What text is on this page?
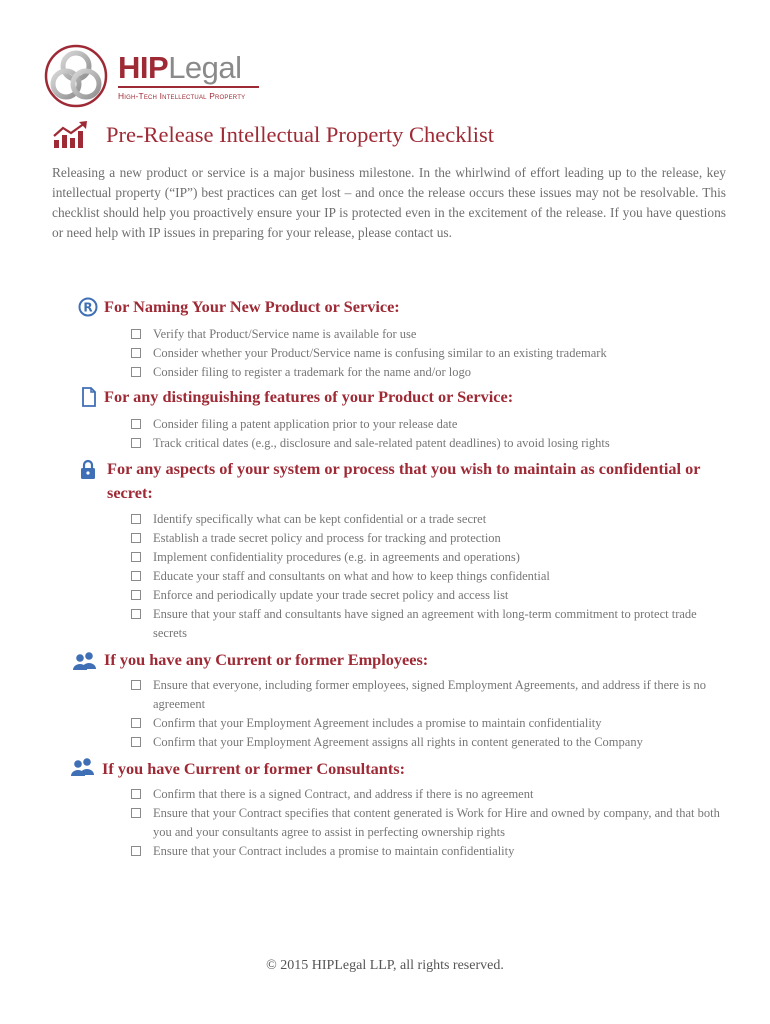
HIPLegal
High-Tech Intellectual Property
Pre-Release Intellectual Property Checklist

Releasing a new product or service is a major business milestone. In the whirlwind of effort leading up to the release, key intellectual property (“IP”) best practices can get lost – and once the release occurs these issues may not be resolvable. This checklist should help you proactively ensure your IP is protected even in the excitement of the release. If you have questions or need help with IP issues in preparing for your release, please contact us.

R For Naming Your New Product or Service:
Verify that Product/Service name is available for use
Consider whether your Product/Service name is confusing similar to an existing trademark
Consider filing to register a trademark for the name and/or logo
For any distinguishing features of your Product or Service:
Consider filing a patent application prior to your release date
Track critical dates (e.g., disclosure and sale-related patent deadlines) to avoid losing rights
For any aspects of your system or process that you wish to maintain as confidential or secret:
Identify specifically what can be kept confidential or a trade secret
Establish a trade secret policy and process for tracking and protection
Implement confidentiality procedures (e.g. in agreements and operations)
Educate your staff and consultants on what and how to keep things confidential
Enforce and periodically update your trade secret policy and access list
Ensure that your staff and consultants have signed an agreement with long-term commitment to protect trade secrets
If you have any Current or former Employees:
Ensure that everyone, including former employees, signed Employment Agreements, and address if there is no agreement
Confirm that your Employment Agreement includes a promise to maintain confidentiality
Confirm that your Employment Agreement assigns all rights in content generated to the Company
If you have Current or former Consultants:
Confirm that there is a signed Contract, and address if there is no agreement
Ensure that your Contract specifies that content generated is Work for Hire and owned by company, and that both you and your consultants agree to assist in perfecting ownership rights
Ensure that your Contract includes a promise to maintain confidentiality
© 2015 HIPLegal LLP, all rights reserved.
